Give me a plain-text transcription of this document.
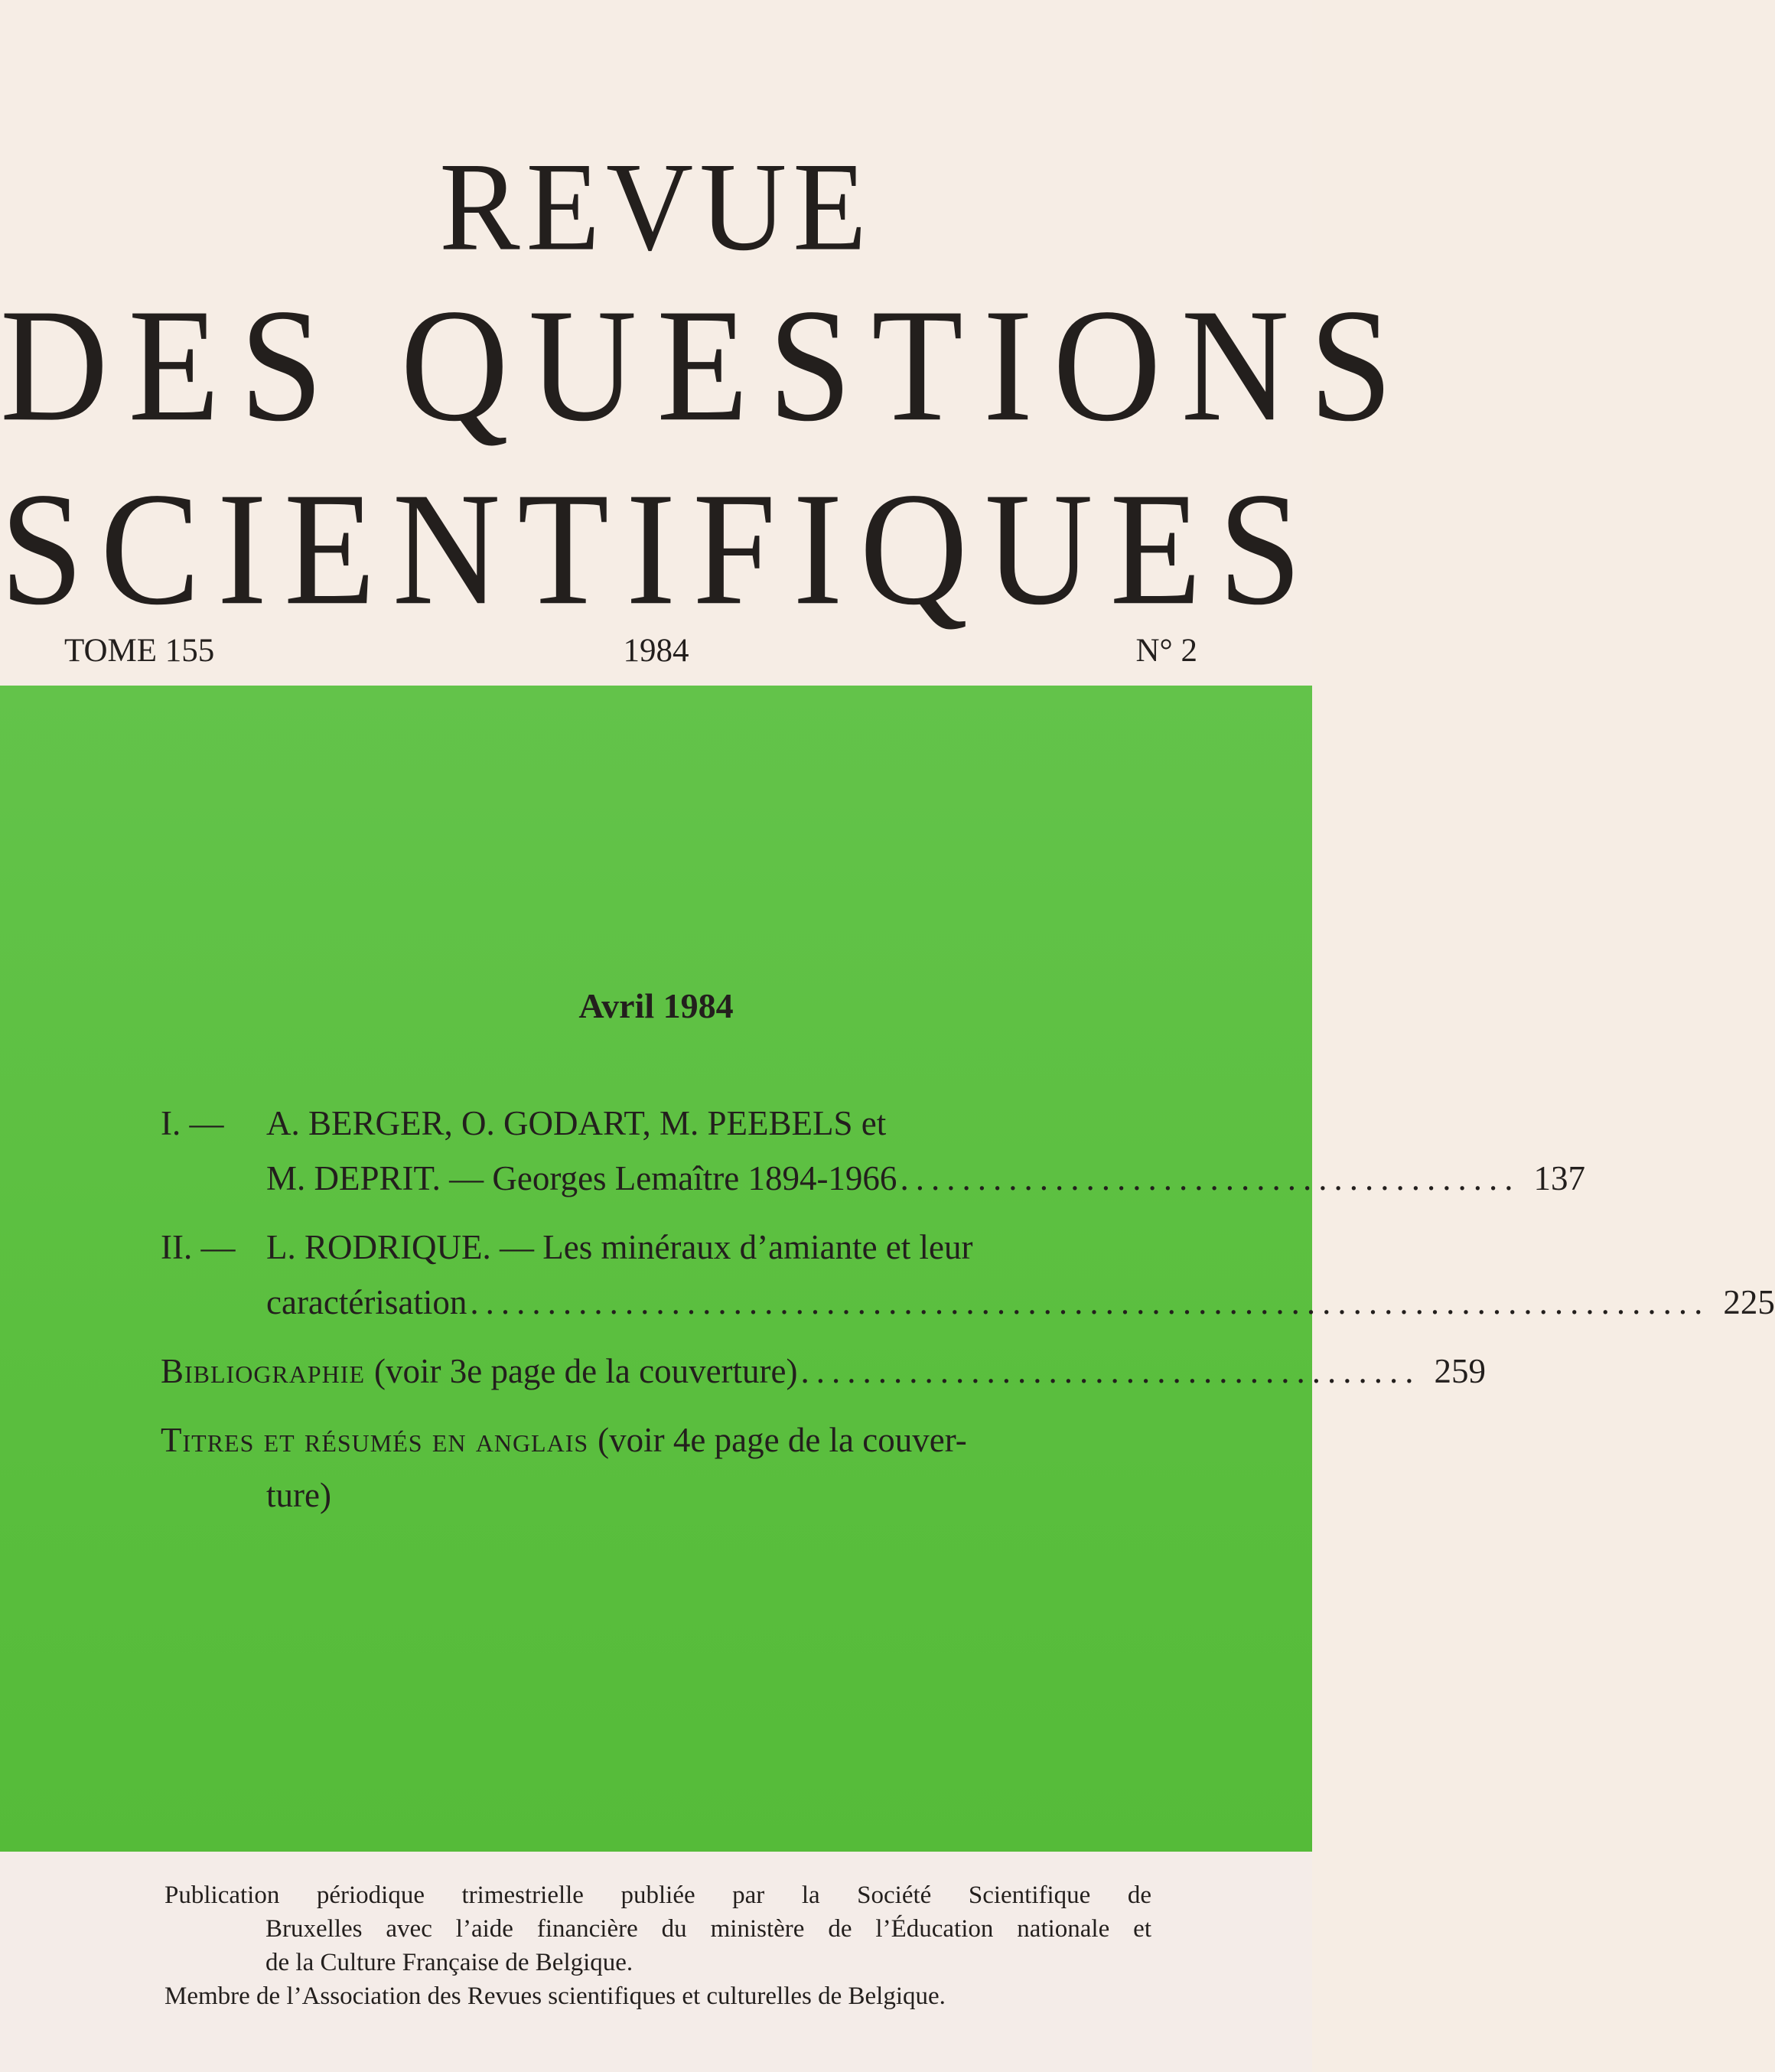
REVUE
DES QUESTIONS
SCIENTIFIQUES
TOME 155	1984	N° 2
Avril 1984
I. —	A. BERGER, O. GODART, M. PEEBELS et
M. DEPRIT. — Georges Lemaître 1894-1966 ........................................ 137
II. — L. RODRIQUE. — Les minéraux d’amiante et leur
caractérisation ................................................................................ 225
Bibliographie (voir 3e page de la couverture) ........................................ 259
Titres et résumés en anglais (voir 4e page de la couver-
ture)

Publication périodique trimestrielle publiée par la Société Scientifique de

Bruxelles avec l’aide financière du ministère de l’Éducation nationale et

de la Culture Française de Belgique.

Membre de l’Association des Revues scientifiques et culturelles de Belgique.
